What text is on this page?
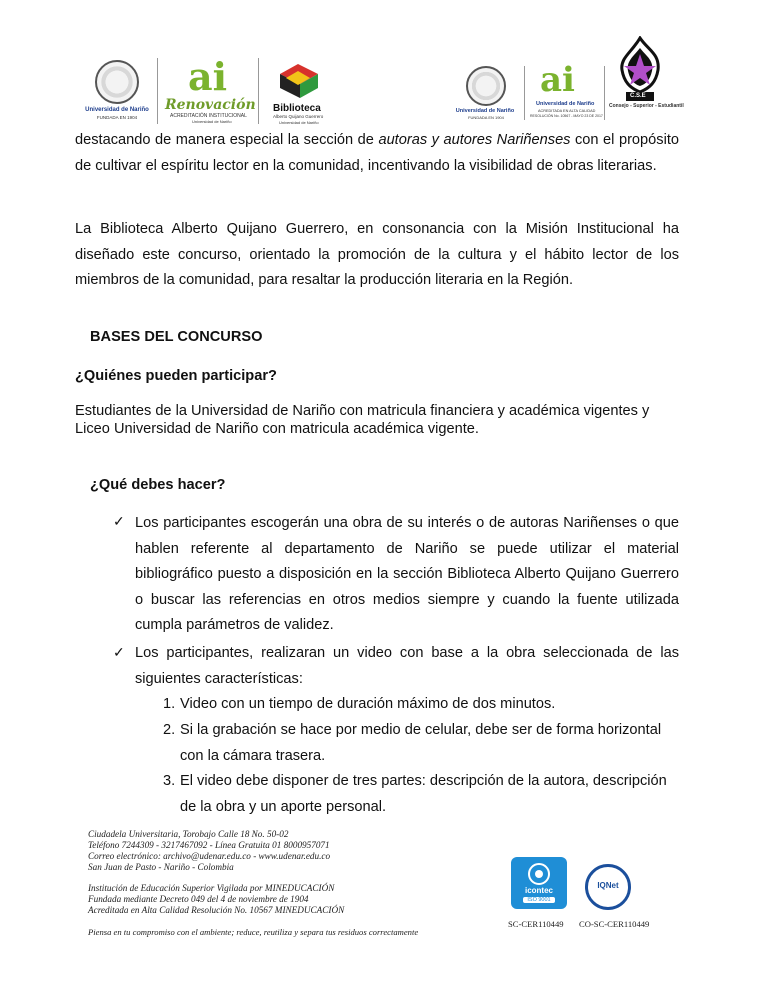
Universidad de Nariño
FUNDADA EN 1904
ai
Renovación
ACREDITACIÓN INSTITUCIONAL
Universidad de Nariño
Biblioteca
Alberto Quijano Guerrero
Universidad de Nariño
Universidad de Nariño
FUNDADA EN 1904
ai
Universidad de Nariño
ACREDITADA EN ALTA CALIDAD
RESOLUCIÓN No. 10567 - MAYO 23 DE 2017
C.S.E
Consejo - Superior - Estudiantil

destacando de manera especial la sección de autoras y autores Nariñenses con el propósito de cultivar el espíritu lector en la comunidad, incentivando la visibilidad de obras literarias.

La Biblioteca Alberto Quijano Guerrero, en consonancia con la Misión Institucional ha diseñado este concurso, orientado la promoción de la cultura y el hábito lector de los miembros de la comunidad, para resaltar la producción literaria en la Región.

BASES DEL CONCURSO
¿Quiénes pueden participar?

Estudiantes de la Universidad de Nariño con matricula financiera y académica vigentes y Liceo Universidad de Nariño con matricula académica vigente.

¿Qué debes hacer?
✓ Los participantes escogerán una obra de su interés o de autoras Nariñenses o que hablen referente al departamento de Nariño se puede utilizar el material bibliográfico puesto a disposición en la sección Biblioteca Alberto Quijano Guerrero o buscar las referencias en otros medios siempre y cuando la fuente utilizada cumpla parámetros de validez.

✓ Los participantes, realizaran un video con base a la obra seleccionada de las siguientes características:

1. Video con un tiempo de duración máximo de dos minutos.

2. Si la grabación se hace por medio de celular, debe ser de forma horizontal con la cámara trasera.

3. El video debe disponer de tres partes: descripción de la autora, descripción de la obra y un aporte personal.

Ciudadela Universitaria, Torobajo Calle 18 No. 50-02
Teléfono 7244309 - 3217467092 - Línea Gratuita 01 8000957071
Correo electrónico: archivo@udenar.edu.co - www.udenar.edu.co
San Juan de Pasto - Nariño - Colombia
Institución de Educación Superior Vigilada por MINEDUCACIÓN
Fundada mediante Decreto 049 del 4 de noviembre de 1904
Acreditada en Alta Calidad Resolución No. 10567 MINEDUCACIÓN
Piensa en tu compromiso con el ambiente; reduce, reutiliza y separa tus residuos correctamente
icontec
ISO 9001
IQNet
SC-CER110449 CO-SC-CER110449
